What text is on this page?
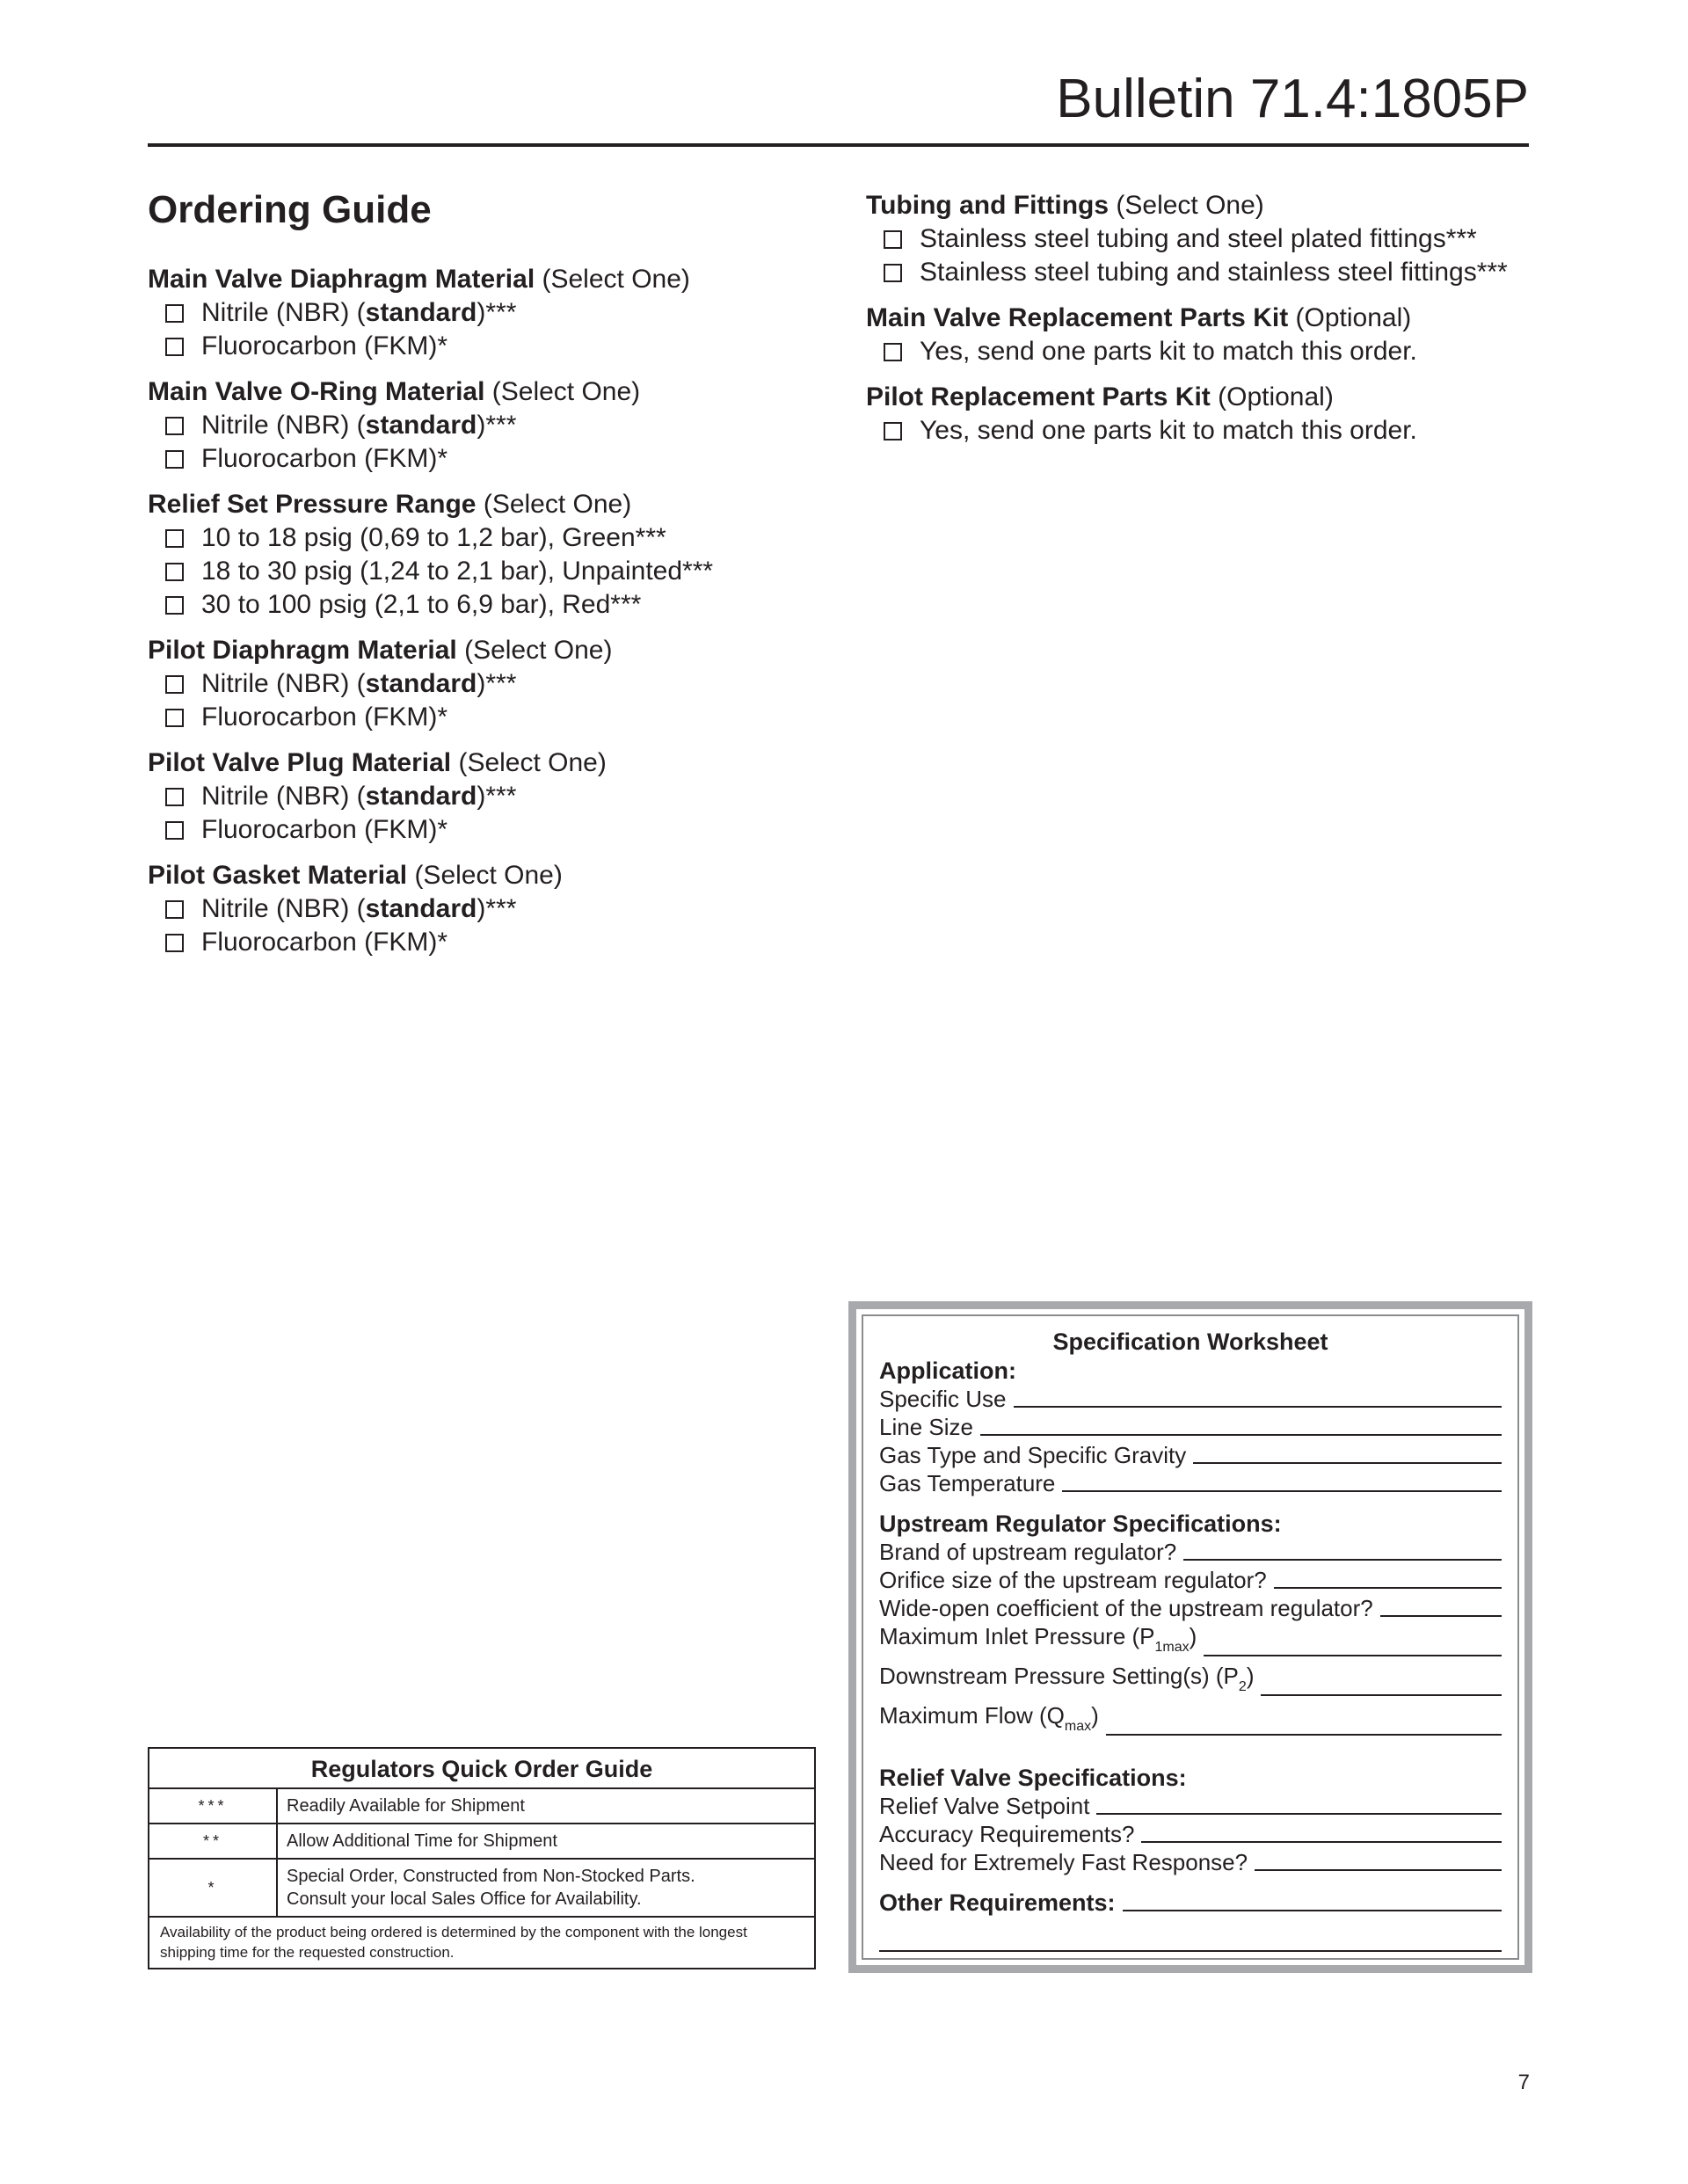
Bulletin 71.4:1805P
Ordering Guide
Main Valve Diaphragm Material (Select One)
Nitrile (NBR) (standard)***
Fluorocarbon (FKM)*
Main Valve O-Ring Material (Select One)
Nitrile (NBR) (standard)***
Fluorocarbon (FKM)*
Relief Set Pressure Range (Select One)
10 to 18 psig (0,69 to 1,2 bar), Green***
18 to 30 psig (1,24 to 2,1 bar), Unpainted***
30 to 100 psig (2,1 to 6,9 bar), Red***
Pilot Diaphragm Material (Select One)
Nitrile (NBR) (standard)***
Fluorocarbon (FKM)*
Pilot Valve Plug Material (Select One)
Nitrile (NBR) (standard)***
Fluorocarbon (FKM)*
Pilot Gasket Material (Select One)
Nitrile (NBR) (standard)***
Fluorocarbon (FKM)*
Tubing and Fittings (Select One)
Stainless steel tubing and steel plated fittings***
Stainless steel tubing and stainless steel fittings***
Main Valve Replacement Parts Kit (Optional)
Yes, send one parts kit to match this order.
Pilot Replacement Parts Kit (Optional)
Yes, send one parts kit to match this order.
Regulators Quick Order Guide
***	Readily Available for Shipment
**	Allow Additional Time for Shipment
*
Special Order, Constructed from Non-Stocked Parts.
Consult your local Sales Office for Availability.
Availability of the product being ordered is determined by the component with the longest shipping time for the requested construction.
Specification Worksheet
Application:
Specific Use
Line Size
Gas Type and Specific Gravity
Gas Temperature
Upstream Regulator Specifications:
Brand of upstream regulator?
Orifice size of the upstream regulator?
Wide-open coefficient of the upstream regulator?
Maximum Inlet Pressure $(P_{1max})$
Downstream Pressure Setting(s) $(P_2)$
Maximum Flow $(Q_{max})$
Relief Valve Specifications:
Relief Valve Setpoint
Accuracy Requirements?
Need for Extremely Fast Response?
Other Requirements:
7
